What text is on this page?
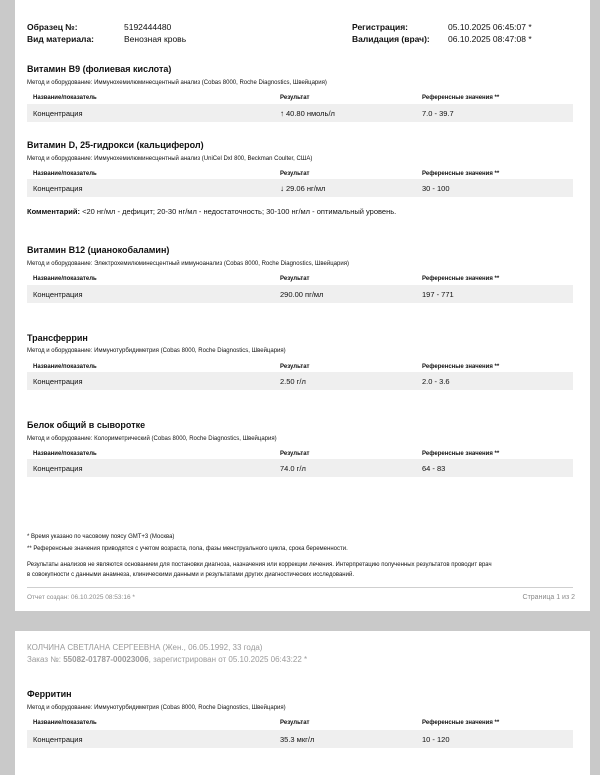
Образец №:	5192444480
Вид материала:	Венозная кровь
Регистрация:	05.10.2025 06:45:07 *
Валидация (врач): 06.10.2025 08:47:08 *
Витамин B9 (фолиевая кислота)
Метод и оборудование: Иммунохемилюминесцентный анализ (Cobas 8000, Roche Diagnostics, Швейцария)
Название/показатель	Результат	Референсные значения **
Концентрация	↑ 40.80 нмоль/л	7.0 - 39.7
Витамин D, 25-гидрокси (кальциферол)
Метод и оборудование: Иммунохемилюминесцентный анализ (UniCel DxI 800, Beckman Coulter, США)
Название/показатель	Результат	Референсные значения **
Концентрация	↓ 29.06 нг/мл	30 - 100
Комментарий: <20 нг/мл - дефицит; 20-30 нг/мл - недостаточность; 30-100 нг/мл - оптимальный уровень.
Витамин B12 (цианокобаламин)
Метод и оборудование: Электрохемилюминесцентный иммуноанализ (Cobas 8000, Roche Diagnostics, Швейцария)
Название/показатель	Результат	Референсные значения **
Концентрация	290.00 пг/мл	197 - 771
Трансферрин
Метод и оборудование: Иммунотурбидиметрия (Cobas 8000, Roche Diagnostics, Швейцария)
Название/показатель	Результат	Референсные значения **
Концентрация	2.50 г/л	2.0 - 3.6
Белок общий в сыворотке
Метод и оборудование: Колориметрический (Cobas 8000, Roche Diagnostics, Швейцария)
Название/показатель	Результат	Референсные значения **
Концентрация	74.0 г/л	64 - 83
* Время указано по часовому поясу GMT+3 (Москва)
** Референсные значения приводятся с учетом возраста, пола, фазы менструального цикла, срока беременности.
Результаты анализов не являются основанием для постановки диагноза, назначения или коррекции лечения. Интерпретацию полученных результатов проводит врач
в совокупности с данными анамнеза, клиническими данными и результатами других диагностических исследований.
Отчет создан: 06.10.2025 08:53:16 *	Страница 1 из 2
КОЛЧИНА СВЕТЛАНА СЕРГЕЕВНА (Жен., 06.05.1992, 33 года)
Заказ №: 55082-01787-00023006, зарегистрирован от 05.10.2025 06:43:22 *
Ферритин
Метод и оборудование: Иммунотурбидиметрия (Cobas 8000, Roche Diagnostics, Швейцария)
Название/показатель	Результат	Референсные значения **
Концентрация	35.3 мкг/л	10 - 120
